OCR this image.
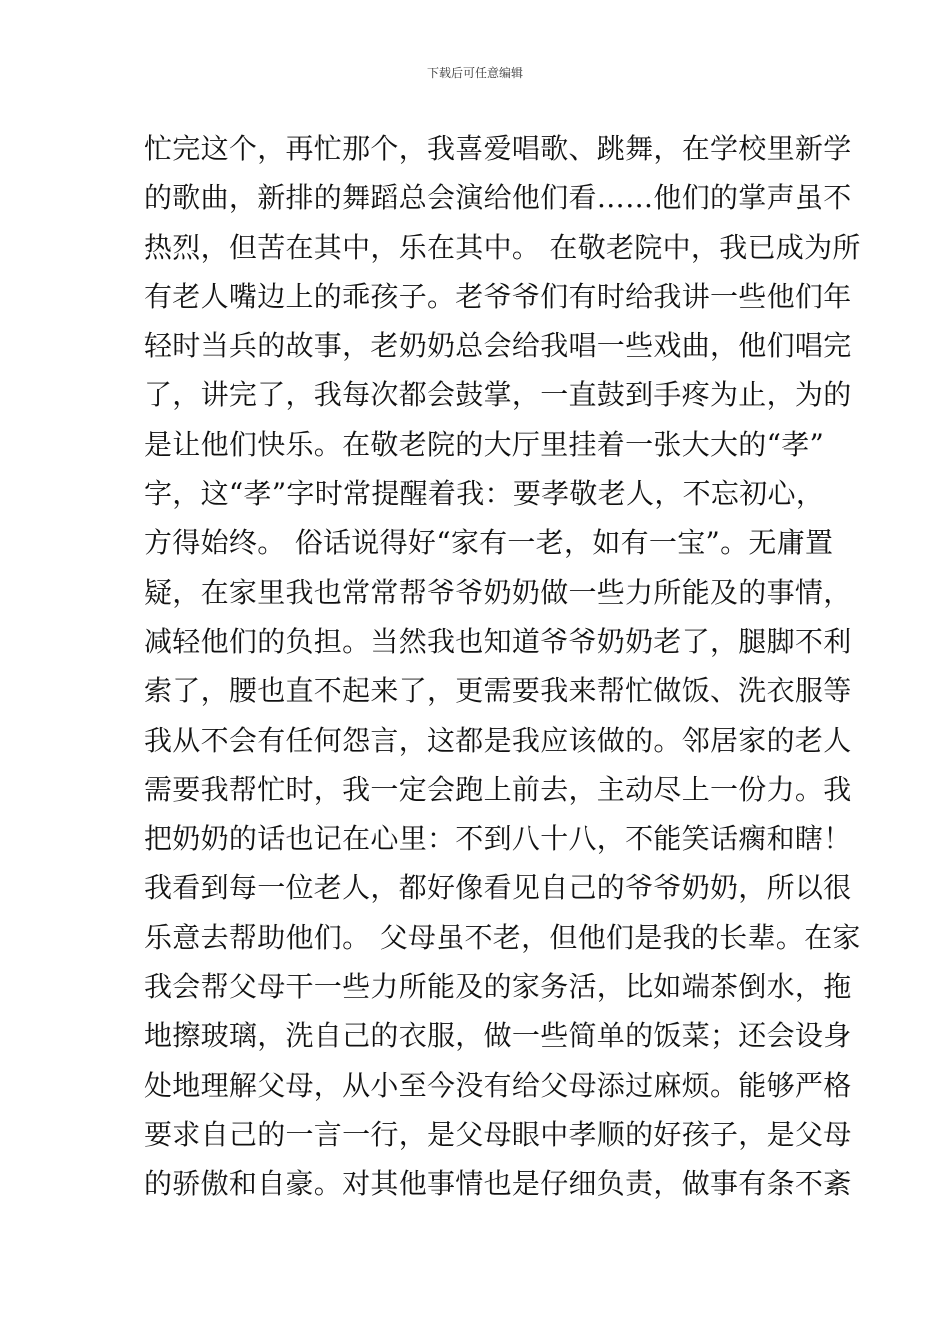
下载后可任意编辑
忙完这个，再忙那个，我喜爱唱歌、跳舞，在学校里新学
的歌曲，新排的舞蹈总会演给他们看……他们的掌声虽不
热烈，但苦在其中，乐在其中。 在敬老院中，我已成为所
有老人嘴边上的乖孩子。老爷爷们有时给我讲一些他们年
轻时当兵的故事，老奶奶总会给我唱一些戏曲，他们唱完
了，讲完了，我每次都会鼓掌，一直鼓到手疼为止，为的
是让他们快乐。在敬老院的大厅里挂着一张大大的“孝”
字，这“孝”字时常提醒着我：要孝敬老人，不忘初心，
方得始终。 俗话说得好“家有一老，如有一宝”。无庸置
疑，在家里我也常常帮爷爷奶奶做一些力所能及的事情，
减轻他们的负担。当然我也知道爷爷奶奶老了，腿脚不利
索了，腰也直不起来了，更需要我来帮忙做饭、洗衣服等
我从不会有任何怨言，这都是我应该做的。邻居家的老人
需要我帮忙时，我一定会跑上前去，主动尽上一份力。我
把奶奶的话也记在心里：不到八十八，不能笑话瘸和瞎！
我看到每一位老人，都好像看见自己的爷爷奶奶，所以很
乐意去帮助他们。 父母虽不老，但他们是我的长辈。在家
我会帮父母干一些力所能及的家务活，比如端茶倒水，拖
地擦玻璃，洗自己的衣服，做一些简单的饭菜；还会设身
处地理解父母，从小至今没有给父母添过麻烦。能够严格
要求自己的一言一行，是父母眼中孝顺的好孩子，是父母
的骄傲和自豪。对其他事情也是仔细负责，做事有条不紊
